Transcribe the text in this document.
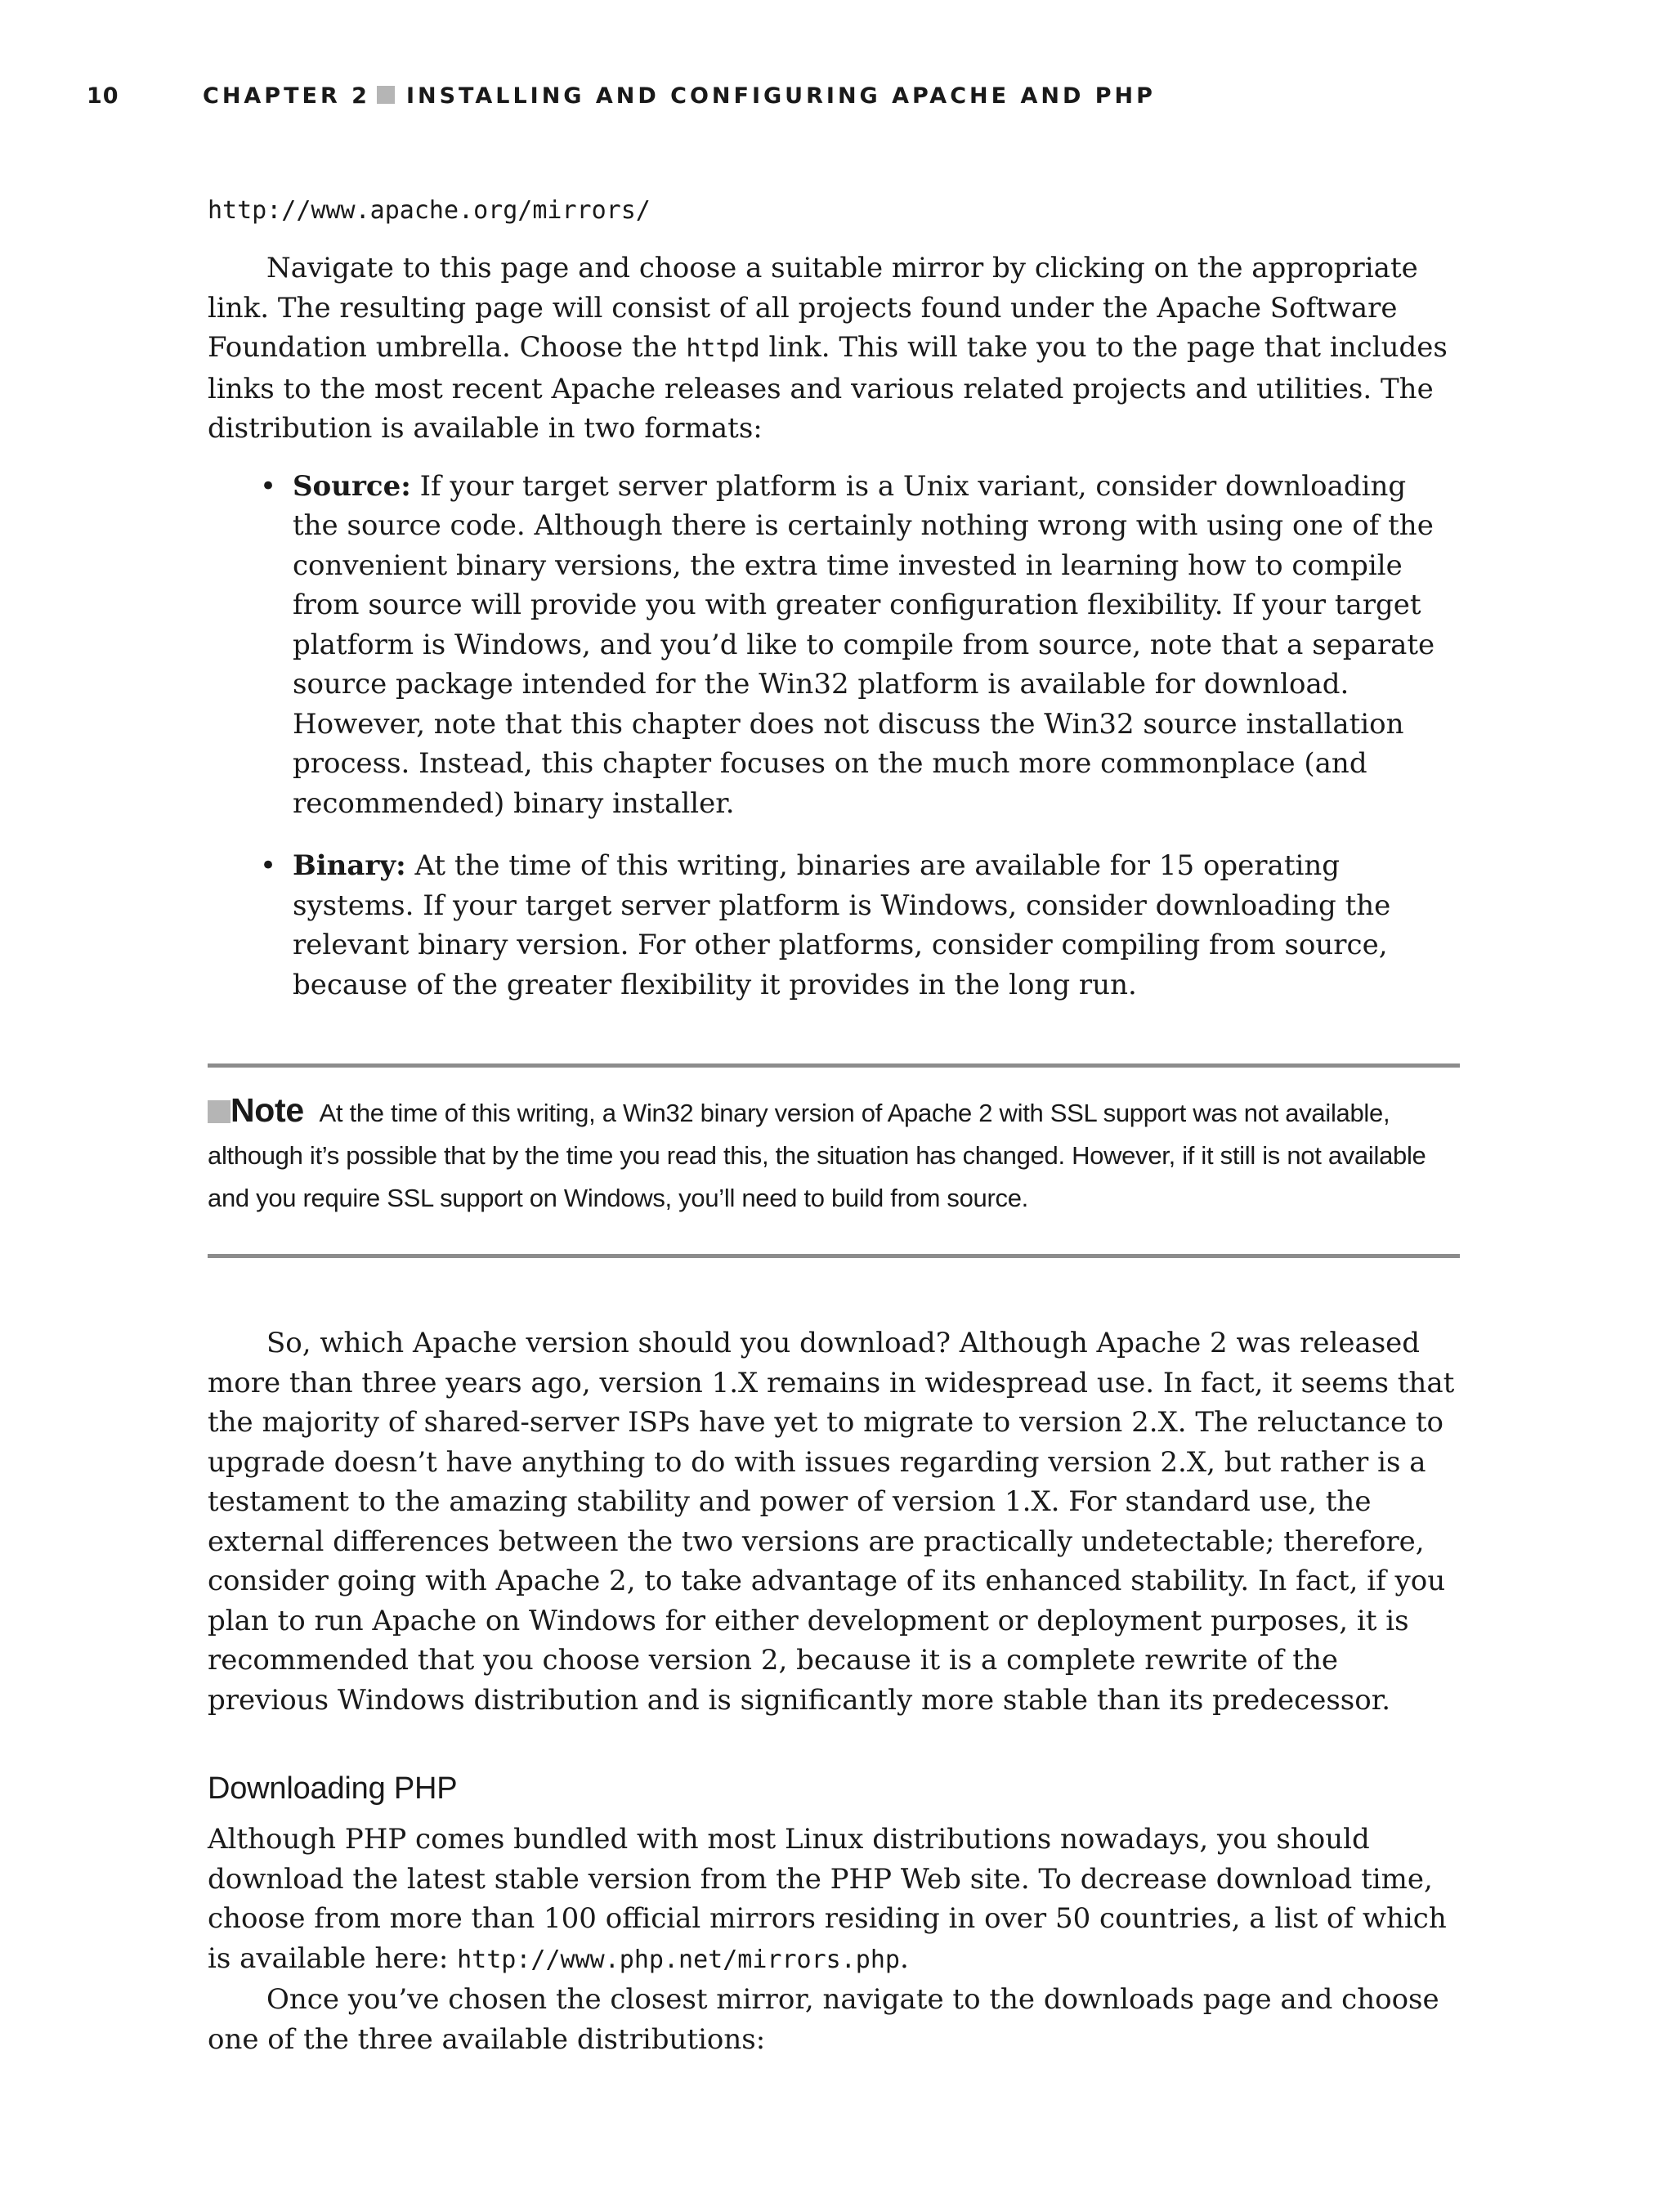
10	CHAPTER 2 INSTALLING AND CONFIGURING APACHE AND PHP

http://www.apache.org/mirrors/

Navigate to this page and choose a suitable mirror by clicking on the appropriate link. The resulting page will consist of all projects found under the Apache Software Foundation umbrella. Choose the httpd link. This will take you to the page that includes links to the most recent Apache releases and various related projects and utilities. The distribution is available in two formats:

• Source: If your target server platform is a Unix variant, consider downloading the source code. Although there is certainly nothing wrong with using one of the convenient binary versions, the extra time invested in learning how to compile from source will provide you with greater configuration flexibility. If your target platform is Windows, and you’d like to compile from source, note that a separate source package intended for the Win32 platform is available for download. However, note that this chapter does not discuss the Win32 source installation process. Instead, this chapter focuses on the much more commonplace (and recommended) binary installer.
• Binary: At the time of this writing, binaries are available for 15 operating systems. If your target server platform is Windows, consider downloading the relevant binary version. For other platforms, consider compiling from source, because of the greater flexibility it provides in the long run.
Note At the time of this writing, a Win32 binary version of Apache 2 with SSL support was not available, although it’s possible that by the time you read this, the situation has changed. However, if it still is not available and you require SSL support on Windows, you’ll need to build from source.

So, which Apache version should you download? Although Apache 2 was released more than three years ago, version 1.X remains in widespread use. In fact, it seems that the majority of shared-server ISPs have yet to migrate to version 2.X. The reluctance to upgrade doesn’t have anything to do with issues regarding version 2.X, but rather is a testament to the amazing stability and power of version 1.X. For standard use, the external differences between the two versions are practically undetectable; therefore, consider going with Apache 2, to take advantage of its enhanced stability. In fact, if you plan to run Apache on Windows for either development or deployment purposes, it is recommended that you choose version 2, because it is a complete rewrite of the previous Windows distribution and is significantly more stable than its predecessor.

Downloading PHP

Although PHP comes bundled with most Linux distributions nowadays, you should download the latest stable version from the PHP Web site. To decrease download time, choose from more than 100 official mirrors residing in over 50 countries, a list of which is available here: http://www.php.net/mirrors.php.

Once you’ve chosen the closest mirror, navigate to the downloads page and choose one of the three available distributions:
